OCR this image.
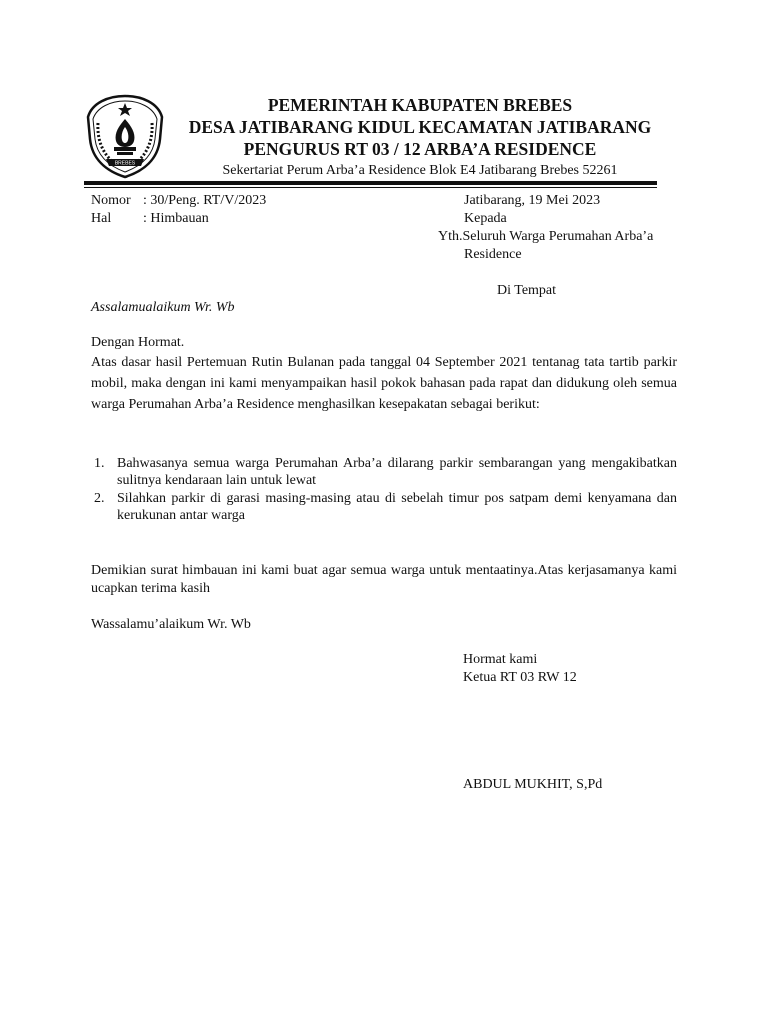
BREBES
PEMERINTAH KABUPATEN BREBES
DESA JATIBARANG KIDUL KECAMATAN JATIBARANG
PENGURUS RT 03 / 12 ARBA’A RESIDENCE
Sekertariat Perum Arba’a Residence Blok E4 Jatibarang Brebes 52261
Nomor : 30/Peng. RT/V/2023
Hal : Himbauan
Jatibarang, 19 Mei 2023
Kepada
Yth.Seluruh Warga Perumahan Arba’a
Residence
Di Tempat
Assalamualaikum Wr. Wb
Dengan Hormat.

Atas dasar hasil Pertemuan Rutin Bulanan pada tanggal 04 September 2021 tentanag tata tartib parkir mobil, maka dengan ini kami menyampaikan hasil pokok bahasan pada rapat dan didukung oleh semua warga Perumahan Arba’a Residence menghasilkan kesepakatan sebagai berikut:

1. Bahwasanya semua warga Perumahan Arba’a dilarang parkir sembarangan yang mengakibatkan sulitnya kendaraan lain untuk lewat
2. Silahkan parkir di garasi masing-masing atau di sebelah timur pos satpam demi kenyamana dan kerukunan antar warga
Demikian surat himbauan ini kami buat agar semua warga untuk mentaatinya.Atas kerjasamanya kami ucapkan terima kasih
Wassalamu’alaikum Wr. Wb
Hormat kami
Ketua RT 03 RW 12
ABDUL MUKHIT, S,Pd
